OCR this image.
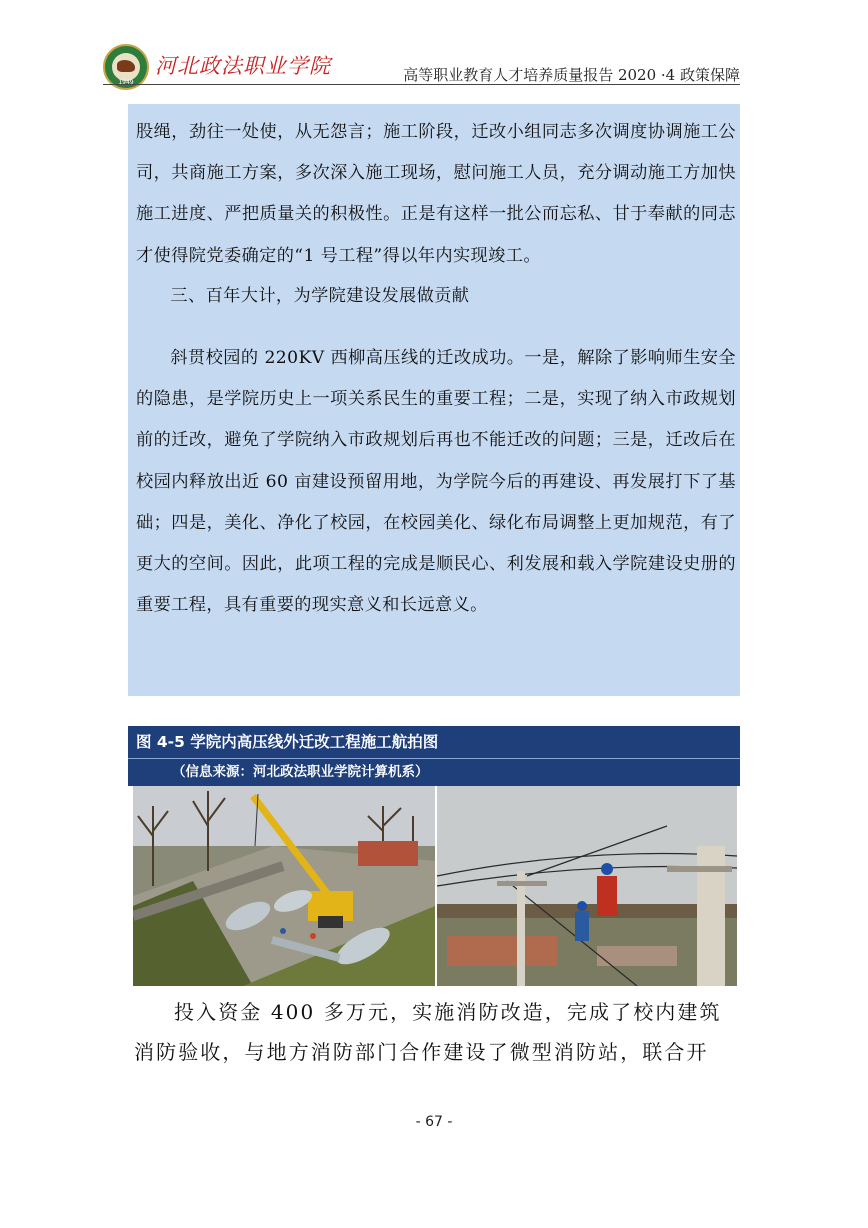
1949
河北政法职业学院	高等职业教育人才培养质量报告 2020 ·4 政策保障

股绳，劲往一处使，从无怨言；施工阶段，迁改小组同志多次调度协调施工公司，共商施工方案，多次深入施工现场，慰问施工人员，充分调动施工方加快施工进度、严把质量关的积极性。正是有这样一批公而忘私、甘于奉献的同志才使得院党委确定的“1 号工程”得以年内实现竣工。

三、百年大计，为学院建设发展做贡献

斜贯校园的 220KV 西柳高压线的迁改成功。一是，解除了影响师生安全的隐患，是学院历史上一项关系民生的重要工程；二是，实现了纳入市政规划前的迁改，避免了学院纳入市政规划后再也不能迁改的问题；三是，迁改后在校园内释放出近 60 亩建设预留用地，为学院今后的再建设、再发展打下了基础；四是，美化、净化了校园，在校园美化、绿化布局调整上更加规范，有了更大的空间。因此，此项工程的完成是顺民心、利发展和载入学院建设史册的重要工程，具有重要的现实意义和长远意义。

图 4-5 学院内高压线外迁改工程施工航拍图
（信息来源：河北政法职业学院计算机系）
投入资金 400 多万元，实施消防改造，完成了校内建筑
消防验收，与地方消防部门合作建设了微型消防站，联合开
- 67 -
